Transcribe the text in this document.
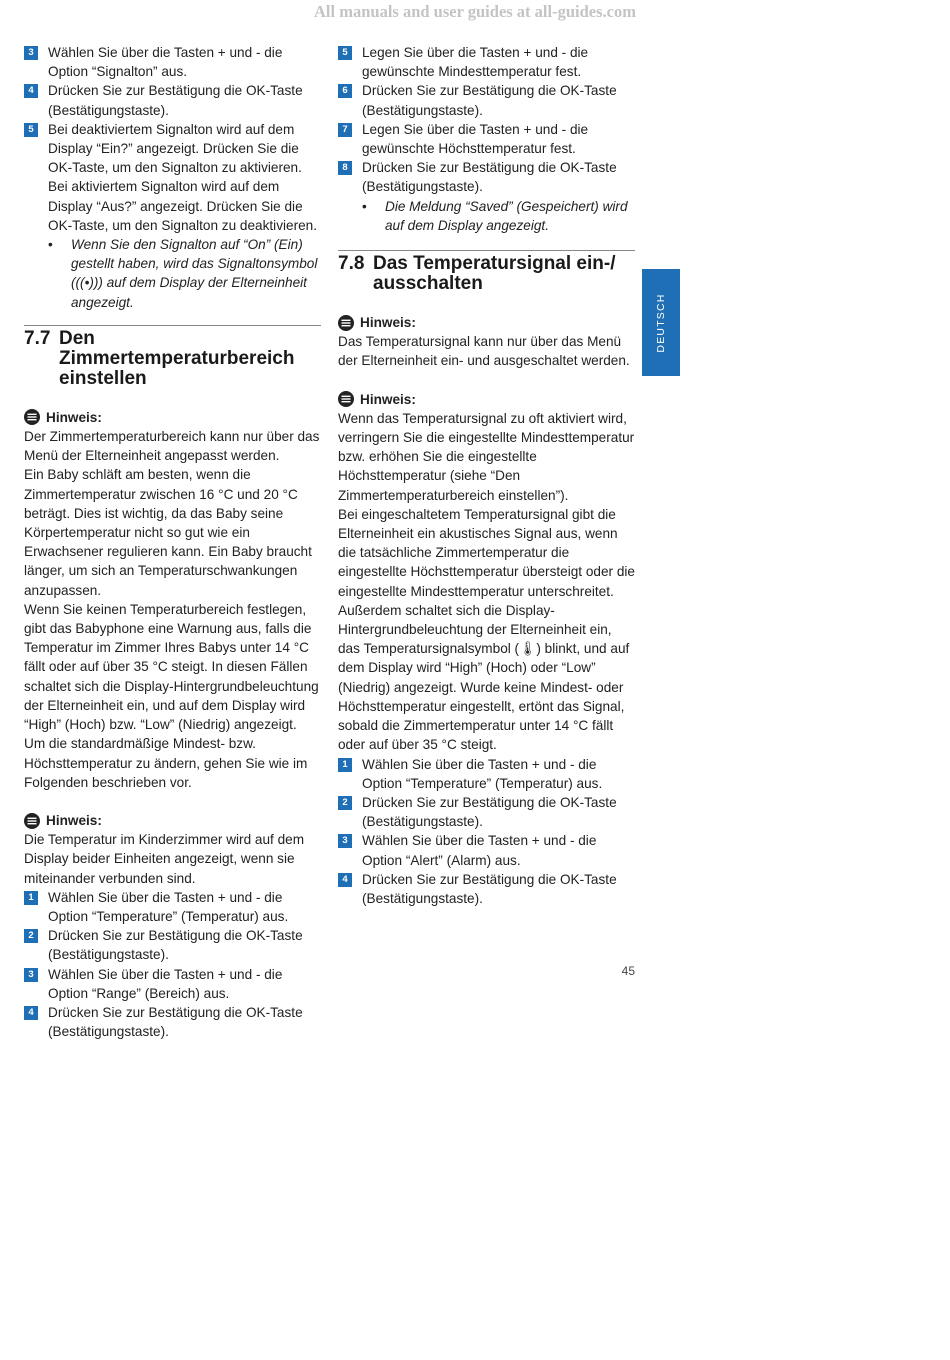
All manuals and user guides at all-guides.com
3	Wählen Sie über die Tasten + und - die Option “Signalton” aus.

4	Drücken Sie zur Bestätigung die OK-Taste (Bestätigungstaste).

5	Bei deaktiviertem Signalton wird auf dem Display “Ein?” angezeigt. Drücken Sie die OK-Taste, um den Signalton zu aktivieren. Bei aktiviertem Signalton wird auf dem Display “Aus?” angezeigt. Drücken Sie die OK-Taste, um den Signalton zu deaktivieren.

• Wenn Sie den Signalton auf “On” (Ein) gestellt haben, wird das Signaltonsymbol (((•))) auf dem Display der Elterneinheit angezeigt.

7.7 Den Zimmertemperaturbereich einstellen
Hinweis:

Der Zimmertemperaturbereich kann nur über das Menü der Elterneinheit angepasst werden.

Ein Baby schläft am besten, wenn die Zimmertemperatur zwischen 16 °C und 20 °C beträgt. Dies ist wichtig, da das Baby seine Körpertemperatur nicht so gut wie ein Erwachsener regulieren kann. Ein Baby braucht länger, um sich an Temperaturschwankungen anzupassen.

Wenn Sie keinen Temperaturbereich festlegen, gibt das Babyphone eine Warnung aus, falls die Temperatur im Zimmer Ihres Babys unter 14 °C fällt oder auf über 35 °C steigt. In diesen Fällen schaltet sich die Display-Hintergrundbeleuchtung der Elterneinheit ein, und auf dem Display wird “High” (Hoch) bzw. “Low” (Niedrig) angezeigt. Um die standardmäßige Mindest- bzw. Höchsttemperatur zu ändern, gehen Sie wie im Folgenden beschrieben vor.

Hinweis:

Die Temperatur im Kinderzimmer wird auf dem Display beider Einheiten angezeigt, wenn sie miteinander verbunden sind.

1	Wählen Sie über die Tasten + und - die Option “Temperature” (Temperatur) aus.

2	Drücken Sie zur Bestätigung die OK-Taste (Bestätigungstaste).

3	Wählen Sie über die Tasten + und - die Option “Range” (Bereich) aus.

4	Drücken Sie zur Bestätigung die OK-Taste (Bestätigungstaste).

5	Legen Sie über die Tasten + und - die gewünschte Mindesttemperatur fest.

6	Drücken Sie zur Bestätigung die OK-Taste (Bestätigungstaste).

7	Legen Sie über die Tasten + und - die gewünschte Höchsttemperatur fest.

8	Drücken Sie zur Bestätigung die OK-Taste (Bestätigungstaste).

• Die Meldung “Saved” (Gespeichert) wird auf dem Display angezeigt.

7.8 Das Temperatursignal ein-/ ausschalten
Hinweis:

Das Temperatursignal kann nur über das Menü der Elterneinheit ein- und ausgeschaltet werden.

Hinweis:

Wenn das Temperatursignal zu oft aktiviert wird, verringern Sie die eingestellte Mindesttemperatur bzw. erhöhen Sie die eingestellte Höchsttemperatur (siehe “Den Zimmertemperaturbereich einstellen”).

Bei eingeschaltetem Temperatursignal gibt die Elterneinheit ein akustisches Signal aus, wenn die tatsächliche Zimmertemperatur die eingestellte Höchsttemperatur übersteigt oder die eingestellte Mindesttemperatur unterschreitet. Außerdem schaltet sich die Display-Hintergrundbeleuchtung der Elterneinheit ein, das Temperatursignalsymbol (🌡) blinkt, und auf dem Display wird “High” (Hoch) oder “Low” (Niedrig) angezeigt. Wurde keine Mindest- oder Höchsttemperatur eingestellt, ertönt das Signal, sobald die Zimmertemperatur unter 14 °C fällt oder auf über 35 °C steigt.

1	Wählen Sie über die Tasten + und - die Option “Temperature” (Temperatur) aus.

2	Drücken Sie zur Bestätigung die OK-Taste (Bestätigungstaste).

3	Wählen Sie über die Tasten + und - die Option “Alert” (Alarm) aus.

4	Drücken Sie zur Bestätigung die OK-Taste (Bestätigungstaste).

DEUTSCH
45
